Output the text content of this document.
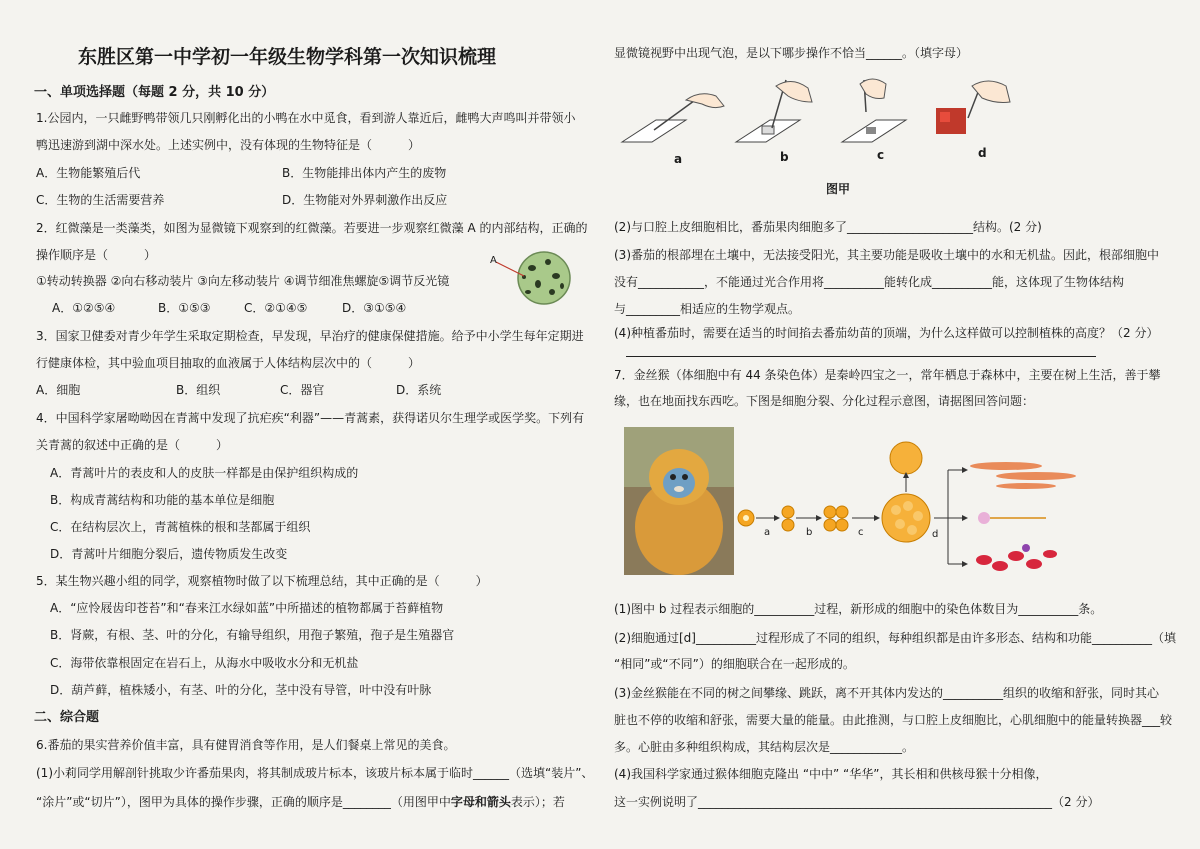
东胜区第一中学初一年级生物学科第一次知识梳理
一、单项选择题（每题 2 分，共 10 分）
1.公园内，一只雌野鸭带领几只刚孵化出的小鸭在水中觅食，看到游人靠近后，雌鸭大声鸣叫并带领小
鸭迅速游到湖中深水处。上述实例中，没有体现的生物特征是（　　　）
A．生物能繁殖后代	B．生物能排出体内产生的废物
C．生物的生活需要营养	D．生物能对外界刺激作出反应
2．红微藻是一类藻类，如图为显微镜下观察到的红微藻。若要进一步观察红微藻 A 的内部结构，正确的
操作顺序是（　　　）
①转动转换器 ②向右移动装片 ③向左移动装片 ④调节细准焦螺旋⑤调节反光镜
A．①②⑤④	B．①⑤③	C．②①④⑤	D．③①⑤④
A
3．国家卫健委对青少年学生采取定期检查，早发现，早治疗的健康保健措施。给予中小学生每年定期进
行健康体检，其中验血项目抽取的血液属于人体结构层次中的（　　　）
A．细胞	B．组织	C．器官	D．系统
4．中国科学家屠呦呦因在青蒿中发现了抗疟疾“利器”——青蒿素，获得诺贝尔生理学或医学奖。下列有
关青蒿的叙述中正确的是（　　　）
A．青蒿叶片的表皮和人的皮肤一样都是由保护组织构成的
B．构成青蒿结构和功能的基本单位是细胞
C．在结构层次上，青蒿植株的根和茎都属于组织
D．青蒿叶片细胞分裂后，遗传物质发生改变
5．某生物兴趣小组的同学，观察植物时做了以下梳理总结，其中正确的是（　　　）
A．“应怜屐齿印苍苔”和“春来江水绿如蓝”中所描述的植物都属于苔藓植物
B．肾蕨，有根、茎、叶的分化，有输导组织，用孢子繁殖，孢子是生殖器官
C．海带依靠根固定在岩石上，从海水中吸收水分和无机盐
D．葫芦藓，植株矮小，有茎、叶的分化，茎中没有导管，叶中没有叶脉
二、综合题
6.番茄的果实营养价值丰富，具有健胃消食等作用，是人们餐桌上常见的美食。
(1)小莉同学用解剖针挑取少许番茄果肉，将其制成玻片标本，该玻片标本属于临时______（选填“装片”、
“涂片”或“切片”），图甲为具体的操作步骤，正确的顺序是________（用图甲中字母和箭头表示）；若
显微镜视野中出现气泡，是以下哪步操作不恰当______。（填字母）
a	b	c	d
图甲
(2)与口腔上皮细胞相比，番茄果肉细胞多了_____________________结构。(2 分)
(3)番茄的根部埋在土壤中，无法接受阳光，其主要功能是吸收土壤中的水和无机盐。因此，根部细胞中
没有___________，不能通过光合作用将__________能转化成__________能，这体现了生物体结构
与_________相适应的生物学观点。
(4)种植番茄时，需要在适当的时间掐去番茄幼苗的顶端，为什么这样做可以控制植株的高度？（2 分）
7．金丝猴（体细胞中有 44 条染色体）是秦岭四宝之一，常年栖息于森林中，主要在树上生活，善于攀
缘，也在地面找东西吃。下图是细胞分裂、分化过程示意图，请据图回答问题：
a	b	c	d
(1)图中 b 过程表示细胞的__________过程，新形成的细胞中的染色体数目为__________条。
(2)细胞通过[d]__________过程形成了不同的组织，每种组织都是由许多形态、结构和功能__________（填
“相同”或“不同”）的细胞联合在一起形成的。
(3)金丝猴能在不同的树之间攀缘、跳跃，离不开其体内发达的__________组织的收缩和舒张，同时其心
脏也不停的收缩和舒张，需要大量的能量。由此推测，与口腔上皮细胞比，心肌细胞中的能量转换器___较
多。心脏由多种组织构成，其结构层次是____________。
(4)我国科学家通过猴体细胞克隆出 “中中” “华华”，其长相和供核母猴十分相像，
这一实例说明了___________________________________________________________（2 分）
